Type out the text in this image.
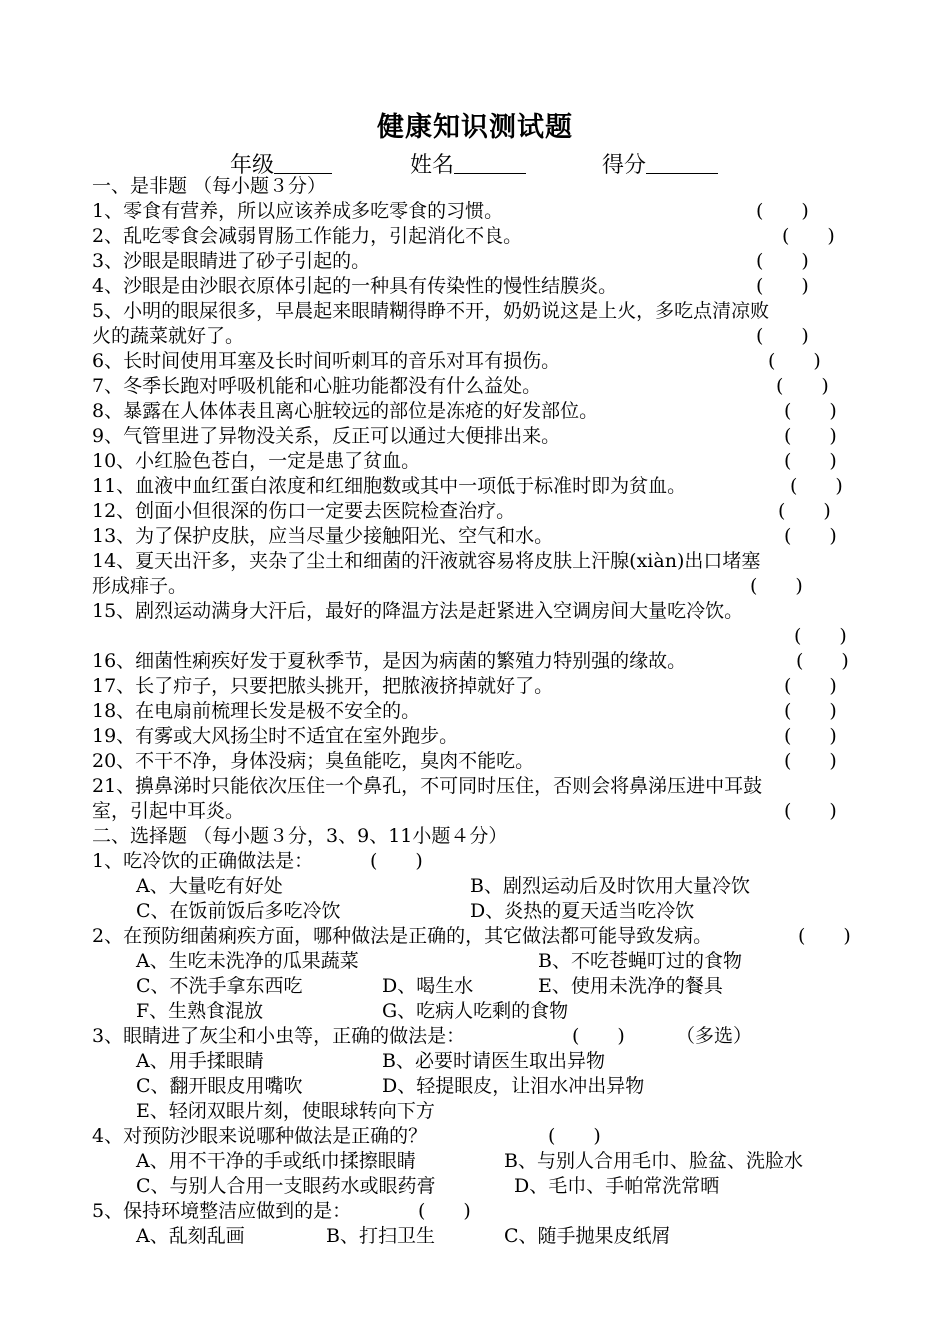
健康知识测试题
年级	姓名	得分
一、是非题 （每小题３分）
1、零食有营养，所以应该养成多吃零食的习惯。	(　　)
2、乱吃零食会减弱胃肠工作能力，引起消化不良。	(　　)
3、沙眼是眼睛进了砂子引起的。	(　　)
4、沙眼是由沙眼衣原体引起的一种具有传染性的慢性结膜炎。	(　　)
5、小明的眼屎很多，早晨起来眼睛糊得睁不开，奶奶说这是上火，多吃点清凉败
火的蔬菜就好了。	(　　)
6、长时间使用耳塞及长时间听刺耳的音乐对耳有损伤。	(　　)
7、冬季长跑对呼吸机能和心脏功能都没有什么益处。	(　　)
8、暴露在人体体表且离心脏较远的部位是冻疮的好发部位。	(　　)
9、气管里进了异物没关系，反正可以通过大便排出来。	(　　)
10、小红脸色苍白，一定是患了贫血。	(　　)
11、血液中血红蛋白浓度和红细胞数或其中一项低于标准时即为贫血。	(　　)
12、创面小但很深的伤口一定要去医院检查治疗。	(　　)
13、为了保护皮肤，应当尽量少接触阳光、空气和水。	(　　)
14、夏天出汗多，夹杂了尘土和细菌的汗液就容易将皮肤上汗腺(xiàn)出口堵塞
形成痱子。	(　　)
15、剧烈运动满身大汗后，最好的降温方法是赶紧进入空调房间大量吃冷饮。
(　　)
16、细菌性痢疾好发于夏秋季节，是因为病菌的繁殖力特别强的缘故。	(　　)
17、长了疖子，只要把脓头挑开，把脓液挤掉就好了。	(　　)
18、在电扇前梳理长发是极不安全的。	(　　)
19、有雾或大风扬尘时不适宜在室外跑步。	(　　)
20、不干不净，身体没病；臭鱼能吃，臭肉不能吃。	(　　)
21、擤鼻涕时只能依次压住一个鼻孔，不可同时压住，否则会将鼻涕压进中耳鼓
室，引起中耳炎。	(　　)
二、选择题 （每小题３分，3、9、11小题４分）
1、吃冷饮的正确做法是：	(　　)
A、大量吃有好处	B、剧烈运动后及时饮用大量冷饮
C、在饭前饭后多吃冷饮	D、炎热的夏天适当吃冷饮
2、在预防细菌痢疾方面，哪种做法是正确的，其它做法都可能导致发病。	(　　)
A、生吃未洗净的瓜果蔬菜	B、不吃苍蝇叮过的食物
C、不洗手拿东西吃	D、喝生水	E、使用未洗净的餐具
F、生熟食混放	G、吃病人吃剩的食物
3、眼睛进了灰尘和小虫等，正确的做法是：	(　　)	（多选）
A、用手揉眼睛	B、必要时请医生取出异物
C、翻开眼皮用嘴吹	D、轻提眼皮，让泪水冲出异物
E、轻闭双眼片刻，使眼球转向下方
4、对预防沙眼来说哪种做法是正确的？	(　　)
A、用不干净的手或纸巾揉擦眼睛	B、与别人合用毛巾、脸盆、洗脸水
C、与别人合用一支眼药水或眼药膏	D、毛巾、手帕常洗常晒
5、保持环境整洁应做到的是：	(　　)
A、乱刻乱画	B、打扫卫生	C、随手抛果皮纸屑
